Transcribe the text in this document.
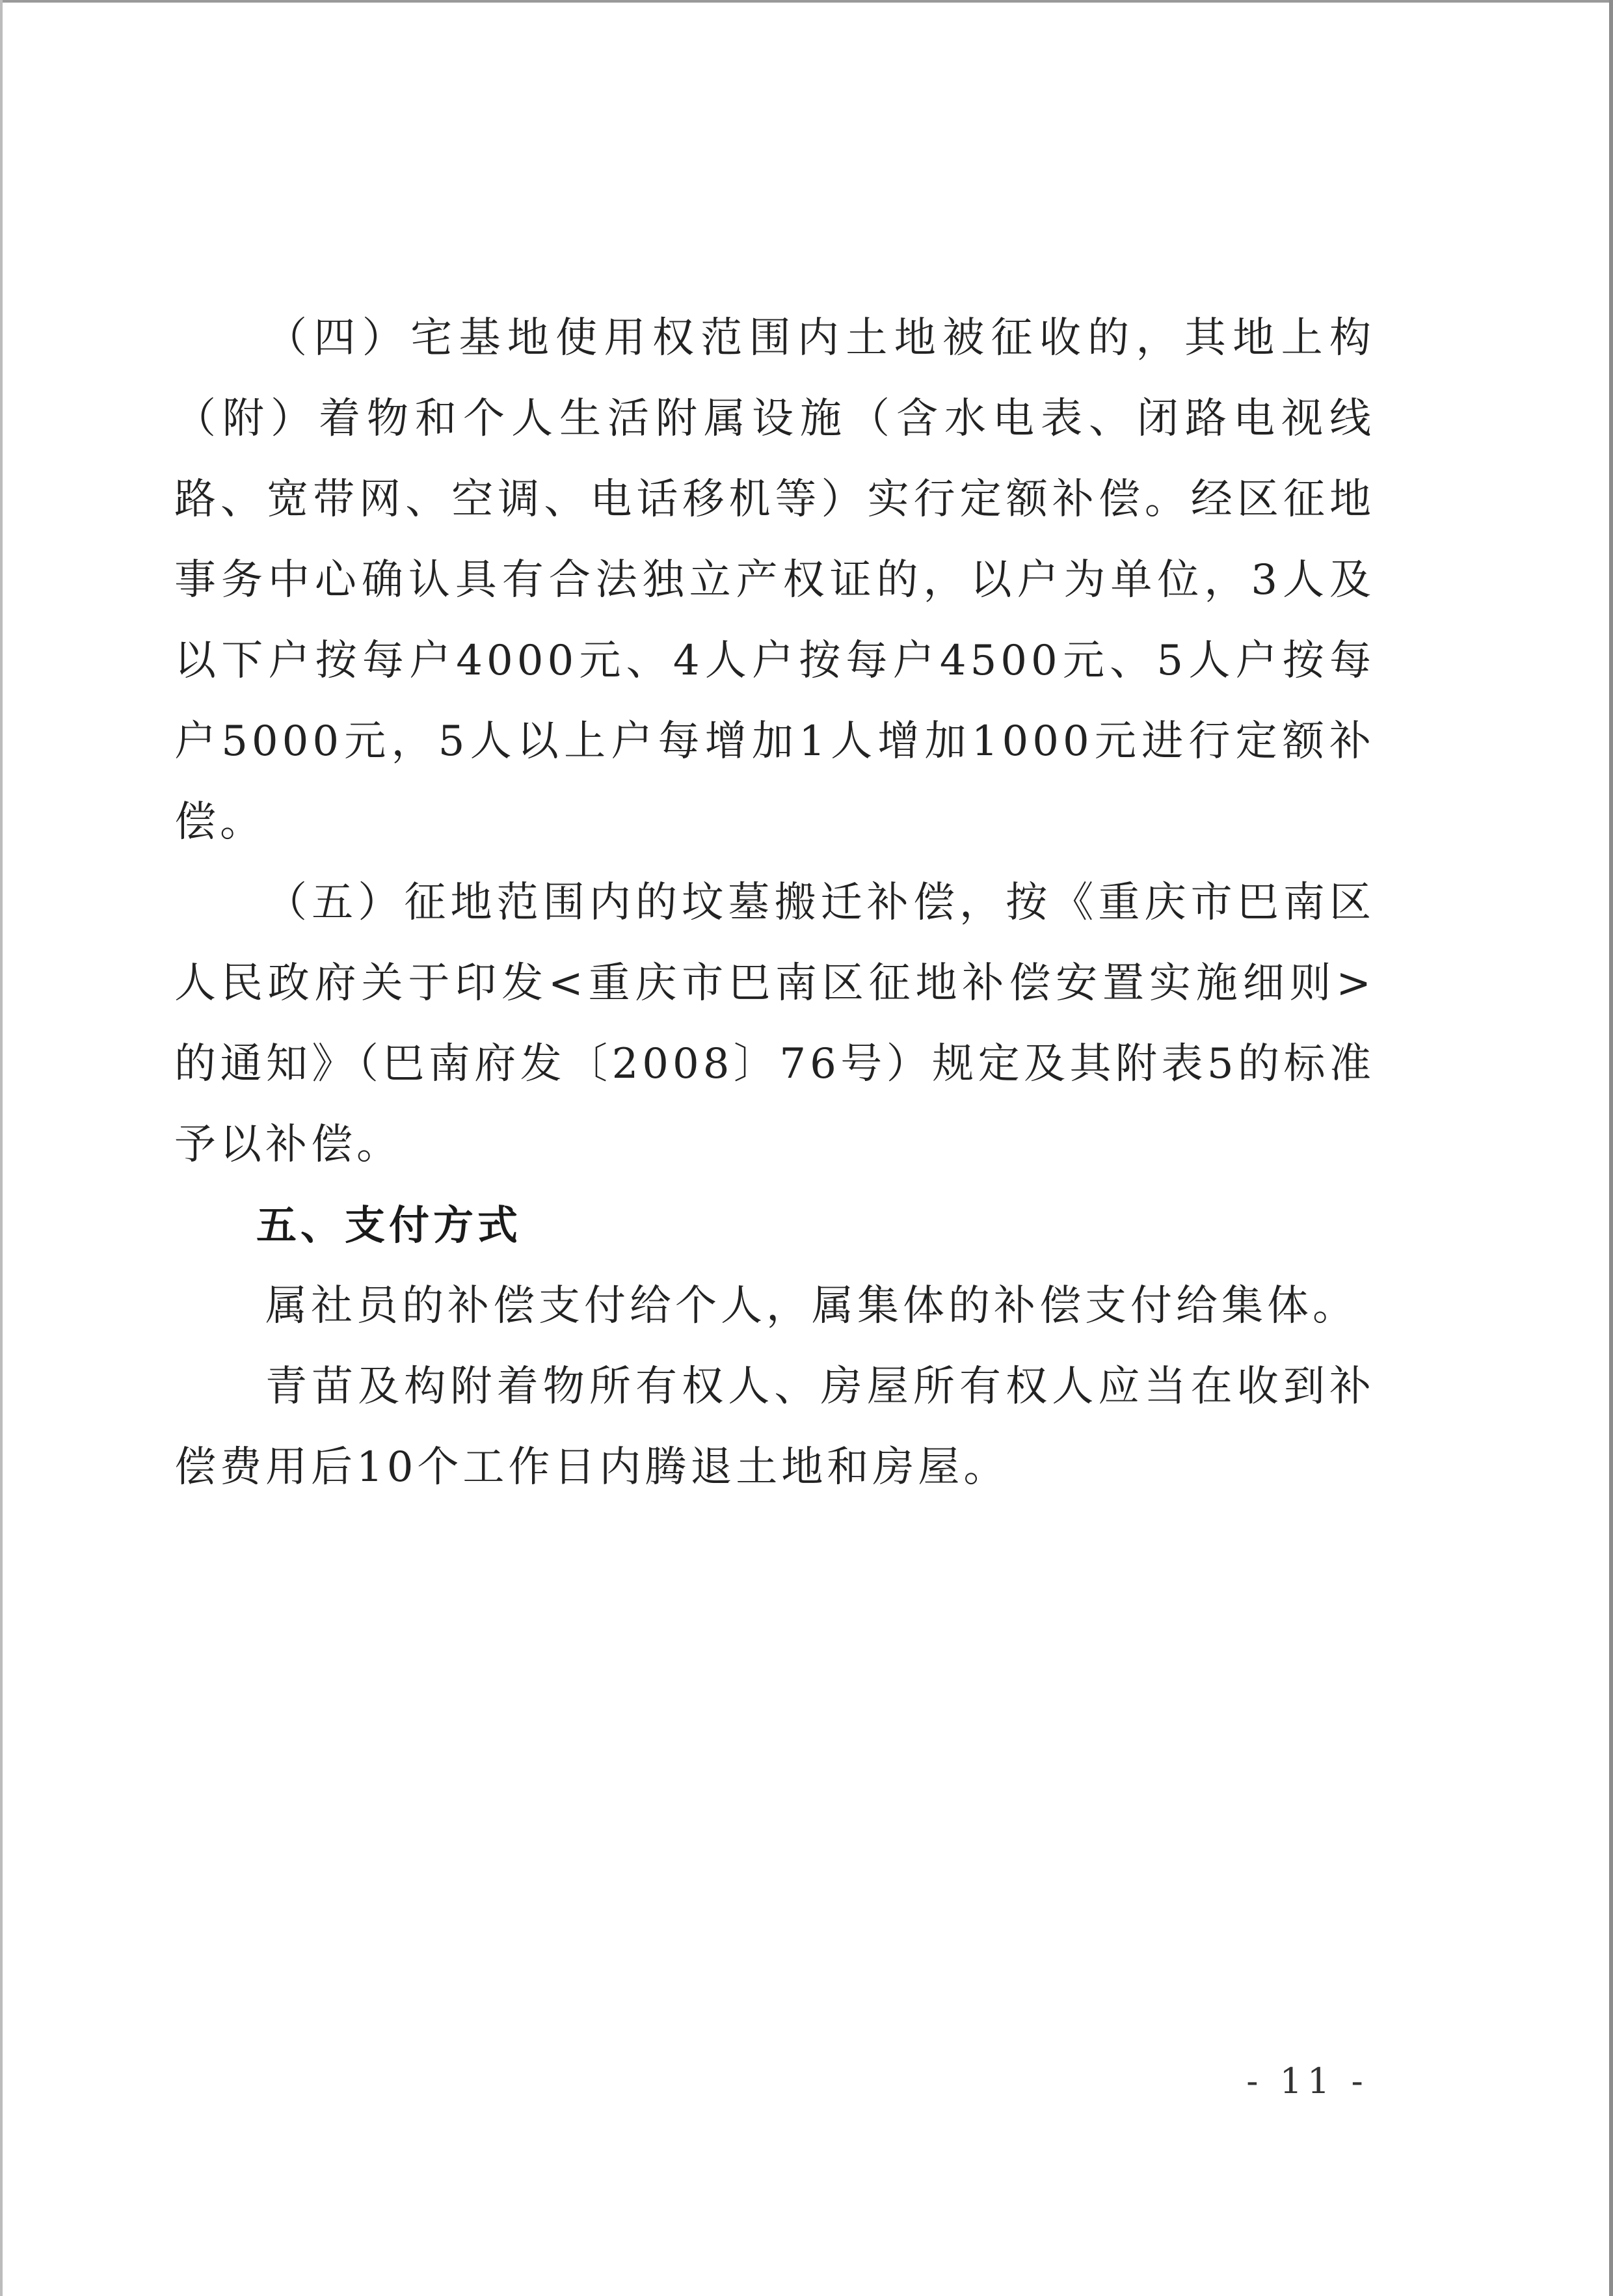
（四）宅基地使用权范围内土地被征收的，其地上构（附）着物和个人生活附属设施（含水电表、闭路电视线路、宽带网、空调、电话移机等）实行定额补偿。经区征地事务中心确认具有合法独立产权证的，以户为单位，3人及以下户按每户4000元、4人户按每户4500元、5人户按每户5000元，5人以上户每增加1人增加1000元进行定额补偿。

（五）征地范围内的坟墓搬迁补偿，按《重庆市巴南区人民政府关于印发<重庆市巴南区征地补偿安置实施细则>的通知》（巴南府发〔2008〕76号）规定及其附表5的标准予以补偿。

五、支付方式

属社员的补偿支付给个人，属集体的补偿支付给集体。

青苗及构附着物所有权人、房屋所有权人应当在收到补偿费用后10个工作日内腾退土地和房屋。

- 11 -
